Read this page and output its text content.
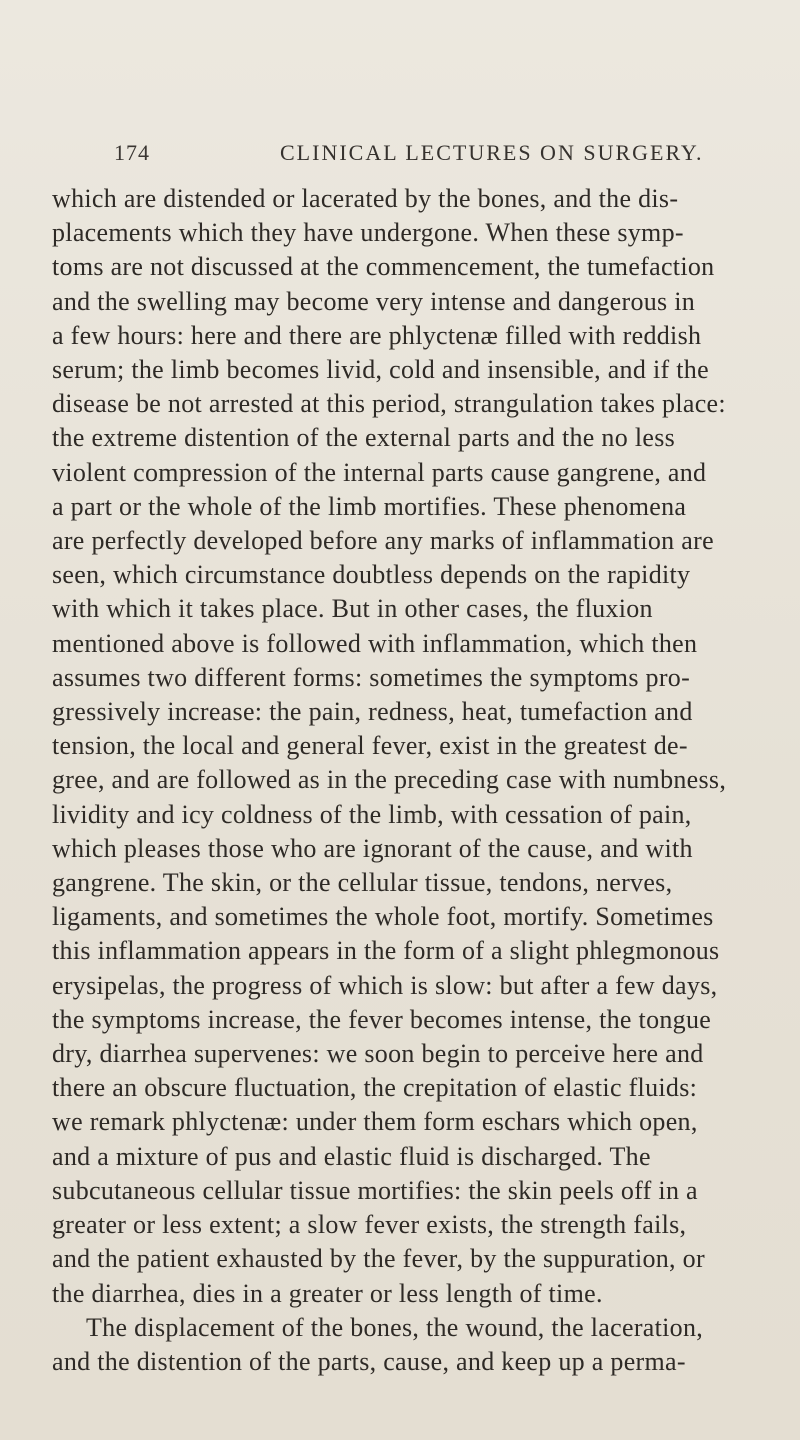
174	CLINICAL LECTURES ON SURGERY.
which are distended or lacerated by the bones, and the dis-
placements which they have undergone. When these symp-
toms are not discussed at the commencement, the tumefaction
and the swelling may become very intense and dangerous in
a few hours: here and there are phlyctenæ filled with reddish
serum; the limb becomes livid, cold and insensible, and if the
disease be not arrested at this period, strangulation takes place:
the extreme distention of the external parts and the no less
violent compression of the internal parts cause gangrene, and
a part or the whole of the limb mortifies. These phenomena
are perfectly developed before any marks of inflammation are
seen, which circumstance doubtless depends on the rapidity
with which it takes place. But in other cases, the fluxion
mentioned above is followed with inflammation, which then
assumes two different forms: sometimes the symptoms pro-
gressively increase: the pain, redness, heat, tumefaction and
tension, the local and general fever, exist in the greatest de-
gree, and are followed as in the preceding case with numbness,
lividity and icy coldness of the limb, with cessation of pain,
which pleases those who are ignorant of the cause, and with
gangrene. The skin, or the cellular tissue, tendons, nerves,
ligaments, and sometimes the whole foot, mortify. Sometimes
this inflammation appears in the form of a slight phlegmonous
erysipelas, the progress of which is slow: but after a few days,
the symptoms increase, the fever becomes intense, the tongue
dry, diarrhea supervenes: we soon begin to perceive here and
there an obscure fluctuation, the crepitation of elastic fluids:
we remark phlyctenæ: under them form eschars which open,
and a mixture of pus and elastic fluid is discharged. The
subcutaneous cellular tissue mortifies: the skin peels off in a
greater or less extent; a slow fever exists, the strength fails,
and the patient exhausted by the fever, by the suppuration, or
the diarrhea, dies in a greater or less length of time.
The displacement of the bones, the wound, the laceration,
and the distention of the parts, cause, and keep up a perma-
